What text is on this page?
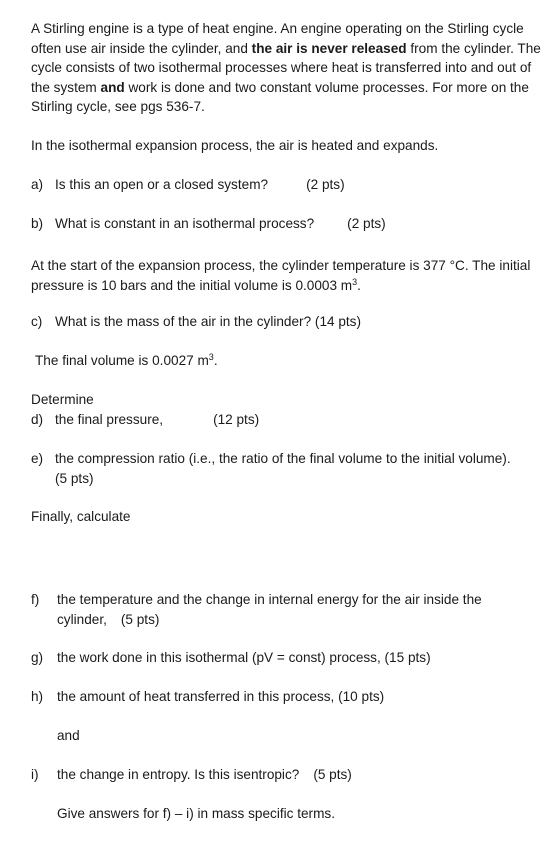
A Stirling engine is a type of heat engine. An engine operating on the Stirling cycle often use air inside the cylinder, and the air is never released from the cylinder. The cycle consists of two isothermal processes where heat is transferred into and out of the system and work is done and two constant volume processes. For more on the Stirling cycle, see pgs 536-7.
In the isothermal expansion process, the air is heated and expands.
a) Is this an open or a closed system?	(2 pts)
b) What is constant in an isothermal process? (2 pts)
At the start of the expansion process, the cylinder temperature is 377 °C. The initial pressure is 10 bars and the initial volume is 0.0003 $m^3$.
c) What is the mass of the air in the cylinder? (14 pts)
The final volume is 0.0027 $m^3$.
Determine
d) the final pressure,	(12 pts)
e) the compression ratio (i.e., the ratio of the final volume to the initial volume). (5 pts)
Finally, calculate
f)	the temperature and the change in internal energy for the air inside the cylinder, (5 pts)
g)	the work done in this isothermal (pV = const) process, (15 pts)
h)	the amount of heat transferred in this process, (10 pts)
and
i)	the change in entropy. Is this isentropic? (5 pts)
Give answers for f) – i) in mass specific terms.
